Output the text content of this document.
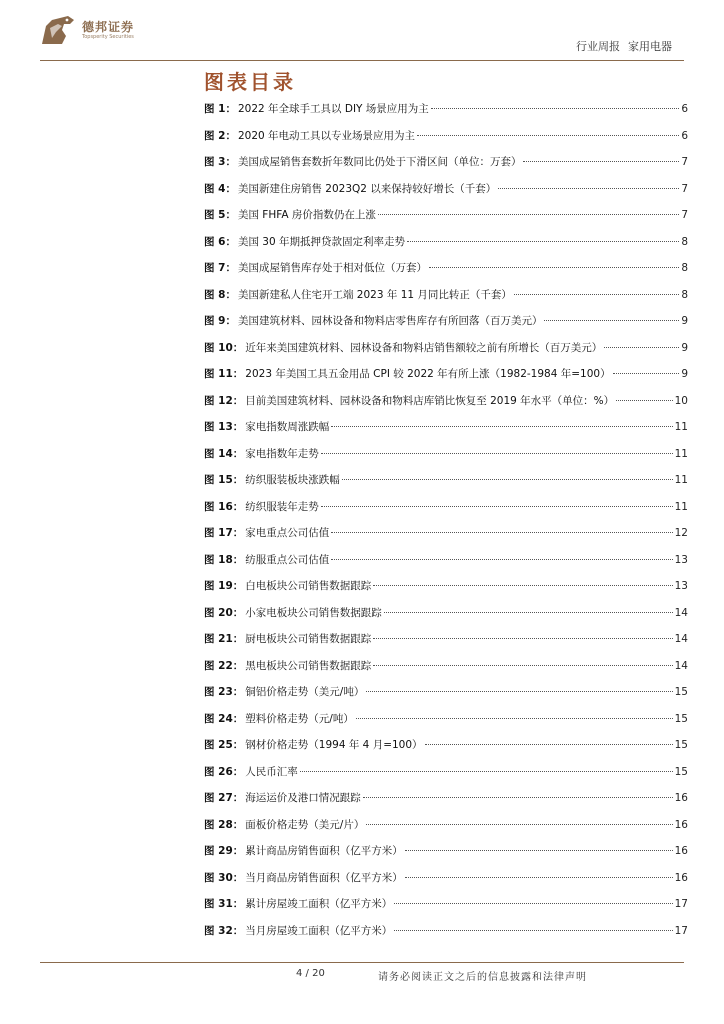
德邦证券
Topsperity Securities
行业周报 家用电器
图表目录
图 1： 2022 年全球手工具以 DIY 场景应用为主	6
图 2： 2020 年电动工具以专业场景应用为主	6
图 3： 美国成屋销售套数折年数同比仍处于下滑区间（单位：万套）	7
图 4： 美国新建住房销售 2023Q2 以来保持较好增长（千套）	7
图 5： 美国 FHFA 房价指数仍在上涨	7
图 6： 美国 30 年期抵押贷款固定利率走势	8
图 7： 美国成屋销售库存处于相对低位（万套）	8
图 8： 美国新建私人住宅开工端 2023 年 11 月同比转正（千套）	8
图 9： 美国建筑材料、园林设备和物料店零售库存有所回落（百万美元）	9
图 10： 近年来美国建筑材料、园林设备和物料店销售额较之前有所增长（百万美元）	9
图 11： 2023 年美国工具五金用品 CPI 较 2022 年有所上涨（1982-1984 年=100）	9
图 12： 目前美国建筑材料、园林设备和物料店库销比恢复至 2019 年水平（单位：%）	10
图 13： 家电指数周涨跌幅	11
图 14： 家电指数年走势	11
图 15： 纺织服装板块涨跌幅	11
图 16： 纺织服装年走势	11
图 17： 家电重点公司估值	12
图 18： 纺服重点公司估值	13
图 19： 白电板块公司销售数据跟踪	13
图 20： 小家电板块公司销售数据跟踪	14
图 21： 厨电板块公司销售数据跟踪	14
图 22： 黑电板块公司销售数据跟踪	14
图 23： 铜铝价格走势（美元/吨）	15
图 24： 塑料价格走势（元/吨）	15
图 25： 钢材价格走势（1994 年 4 月=100）	15
图 26： 人民币汇率	15
图 27： 海运运价及港口情况跟踪	16
图 28： 面板价格走势（美元/片）	16
图 29： 累计商品房销售面积（亿平方米）	16
图 30： 当月商品房销售面积（亿平方米）	16
图 31： 累计房屋竣工面积（亿平方米）	17
图 32： 当月房屋竣工面积（亿平方米）	17
4 / 20	请务必阅读正文之后的信息披露和法律声明
